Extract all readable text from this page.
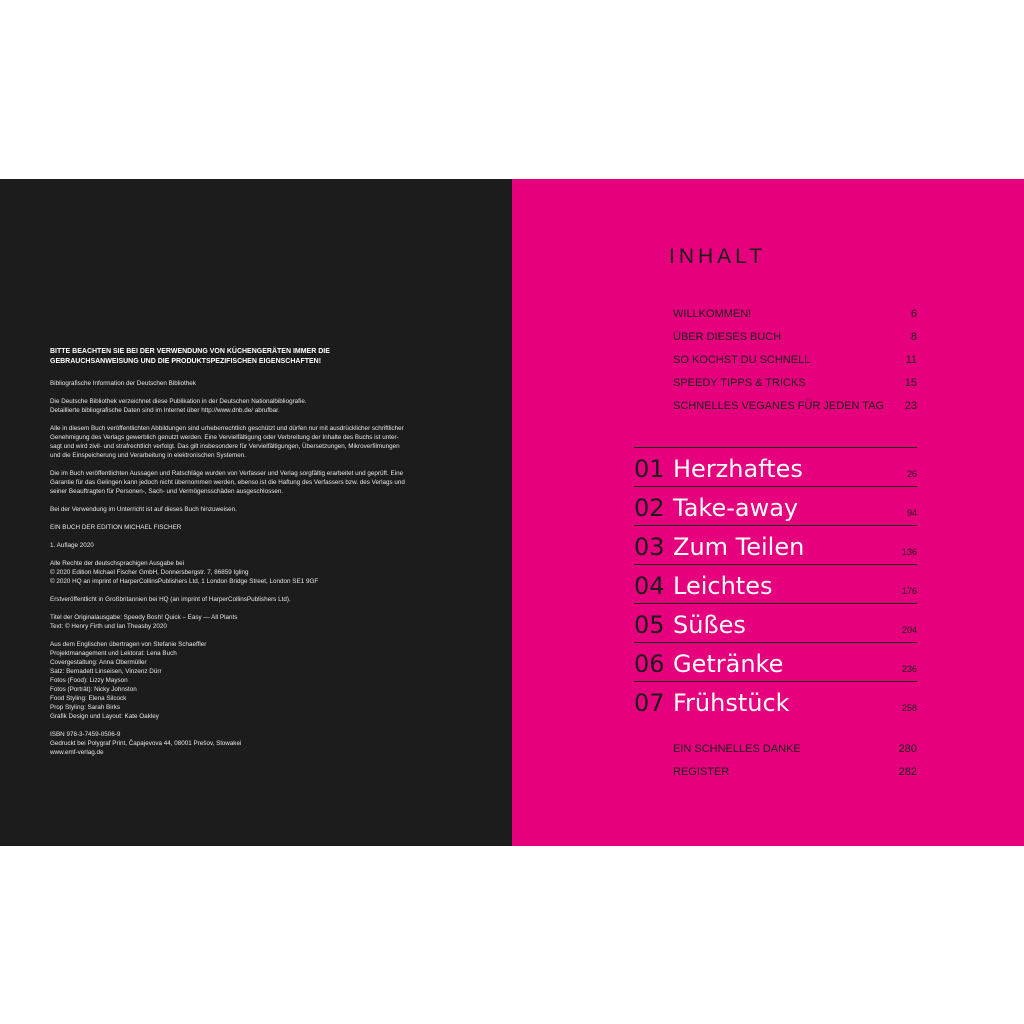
BITTE BEACHTEN SIE BEI DER VERWENDUNG VON KÜCHENGERÄTEN IMMER DIE
GEBRAUCHSANWEISUNG UND DIE PRODUKTSPEZIFISCHEN EIGENSCHAFTEN!

Bibliografische Information der Deutschen Bibliothek

Die Deutsche Bibliothek verzeichnet diese Publikation in der Deutschen Nationalbibliografie.
Detaillierte bibliografische Daten sind im Internet über http://www.dnb.de/ abrufbar.

Alle in diesem Buch veröffentlichten Abbildungen sind urheberrechtlich geschützt und dürfen nur mit ausdrücklicher schriftlicher
Genehmigung des Verlags gewerblich genutzt werden. Eine Vervielfältigung oder Verbreitung der Inhalte des Buchs ist unter-
sagt und wird zivil- und strafrechtlich verfolgt. Das gilt insbesondere für Vervielfältigungen, Übersetzungen, Mikroverfilmungen
und die Einspeicherung und Verarbeitung in elektronischen Systemen.

Die im Buch veröffentlichten Aussagen und Ratschläge wurden von Verfasser und Verlag sorgfältig erarbeitet und geprüft. Eine
Garantie für das Gelingen kann jedoch nicht übernommen werden, ebenso ist die Haftung des Verfassers bzw. des Verlags und
seiner Beauftragten für Personen-, Sach- und Vermögensschäden ausgeschlossen.

Bei der Verwendung im Unterricht ist auf dieses Buch hinzuweisen.

EIN BUCH DER EDITION MICHAEL FISCHER

1. Auflage 2020

Alle Rechte der deutschsprachigen Ausgabe bei
© 2020 Edition Michael Fischer GmbH, Donnersbergstr. 7, 86859 Igling
© 2020 HQ an imprint of HarperCollinsPublishers Ltd, 1 London Bridge Street, London SE1 9GF

Erstveröffentlicht in Großbritannien bei HQ (an imprint of HarperCollinsPublishers Ltd).

Titel der Originalausgabe: Speedy Bosh! Quick – Easy — All Plants
Text: © Henry Firth und Ian Theasby 2020

Aus dem Englischen übertragen von Stefanie Schaeffler
Projektmanagement und Lektorat: Lena Buch
Covergestaltung: Anna Obermüller
Satz: Bernadett Linseisen, Vinzenz Dürr
Fotos (Food): Lizzy Mayson
Fotos (Porträt): Nicky Johnston
Food Styling: Elena Silcock
Prop Styling: Sarah Birks
Grafik Design und Layout: Kate Oakley

ISBN 978-3-7459-0506-9
Gedruckt bei Polygraf Print, Čapajevova 44, 08001 Prešov, Slowakei
www.emf-verlag.de

INHALT
WILLKOMMEN!	6
ÜBER DIESES BUCH	8
SO KOCHST DU SCHNELL	11
SPEEDY TIPPS & TRICKS	15
SCHNELLES VEGANES FÜR JEDEN TAG 23
01 Herzhaftes	26
02 Take-away	94
03 Zum Teilen	136
04 Leichtes	176
05 Süßes	204
06 Getränke	236
07 Frühstück	258
EIN SCHNELLES DANKE	280
REGISTER	282
